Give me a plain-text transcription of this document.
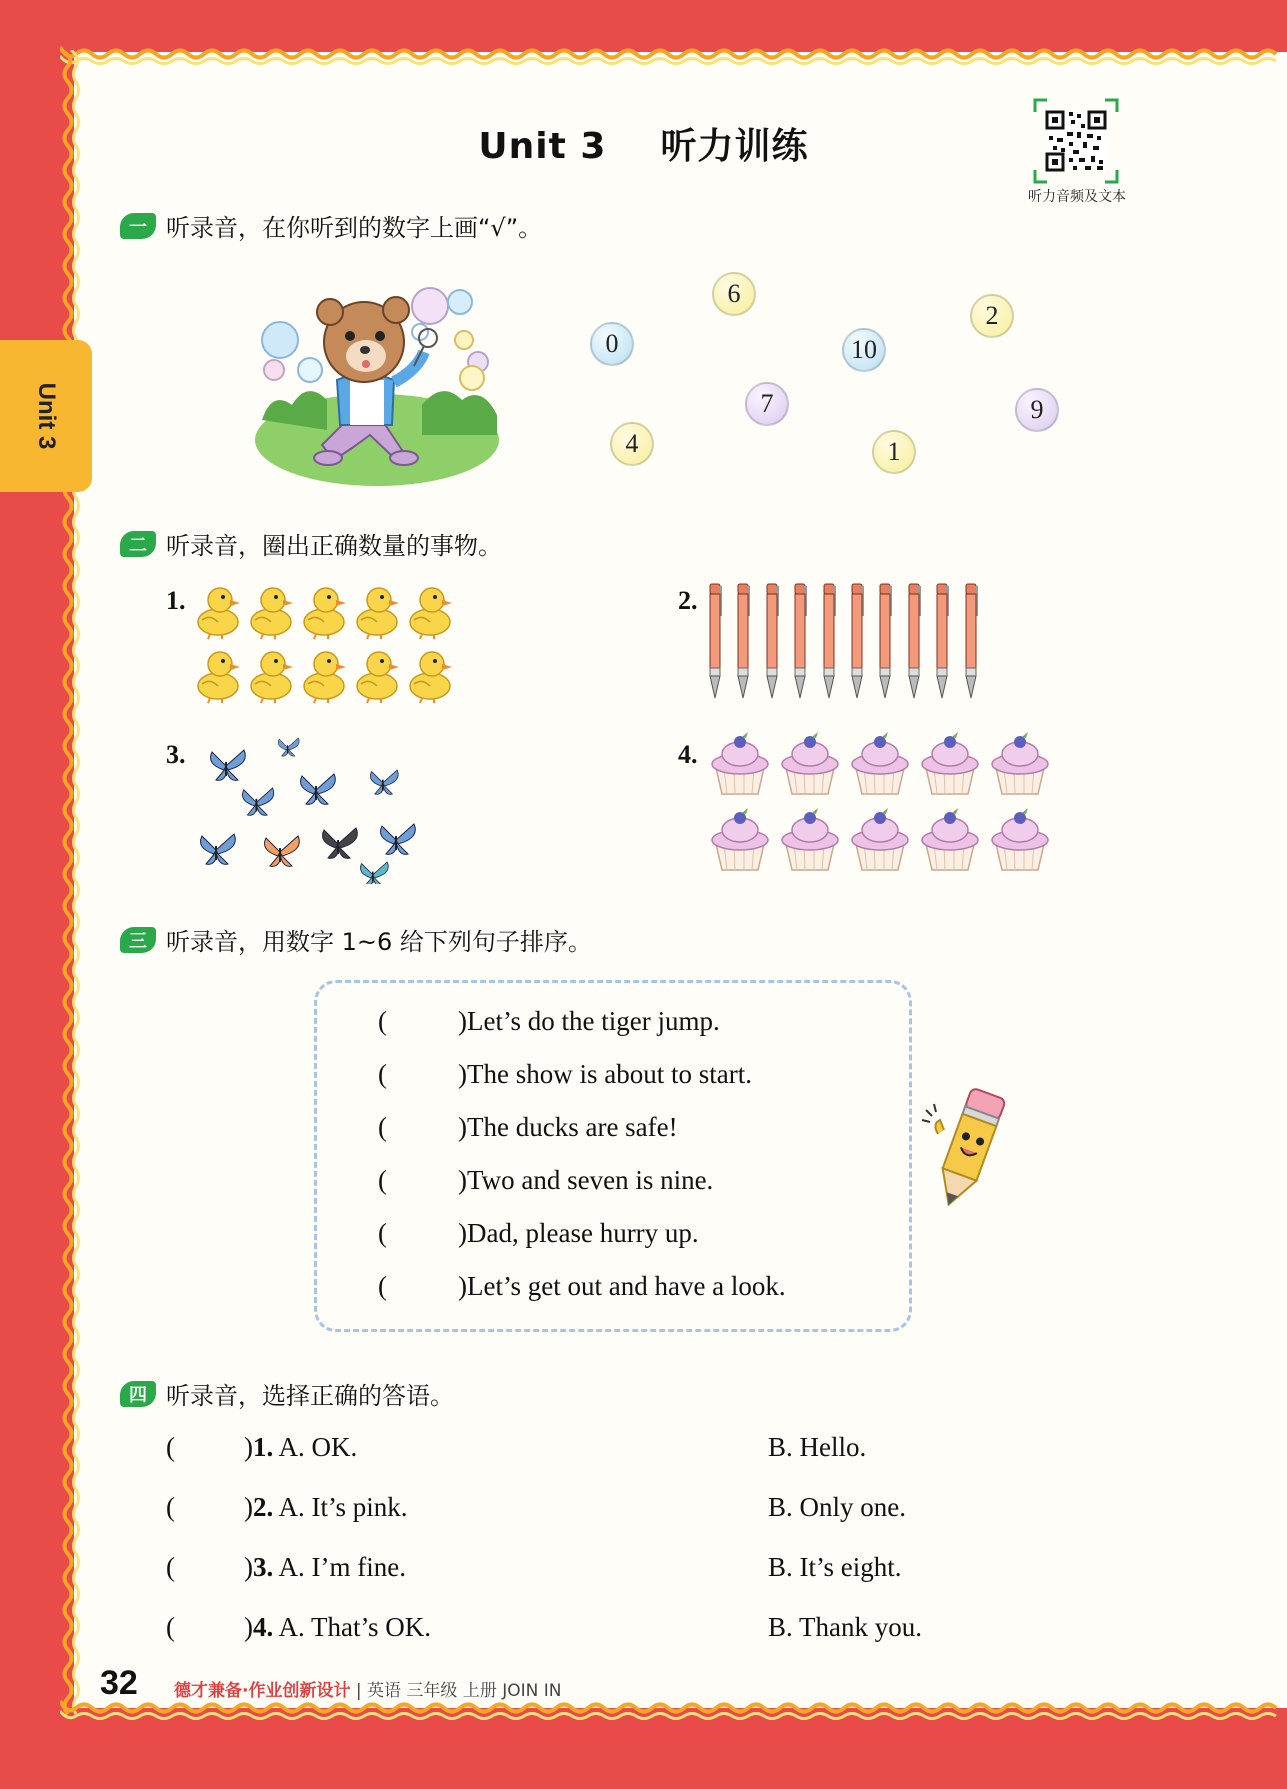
Unit 3
Unit 3    听力训练
听力音频及文本
一 听录音，在你听到的数字上画“√”。
6
0	10
2
7	9
4	1
二 听录音，圈出正确数量的事物。
1.	2.
3.	4.
三 听录音，用数字 1~6 给下列句子排序。
(	) Let’s do the tiger jump.
(	) The show is about to start.
(	) The ducks are safe!
(	) Two and seven is nine.
(	) Dad, please hurry up.
(	) Let’s get out and have a look.
四 听录音，选择正确的答语。
(	)1. A. OK.	B. Hello.
(	)2. A. It’s pink.	B. Only one.
(	)3. A. I’m fine.	B. It’s eight.
(	)4. A. That’s OK.	B. Thank you.
32 德才兼备·作业创新设计 | 英语 三年级 上册 JOIN IN
